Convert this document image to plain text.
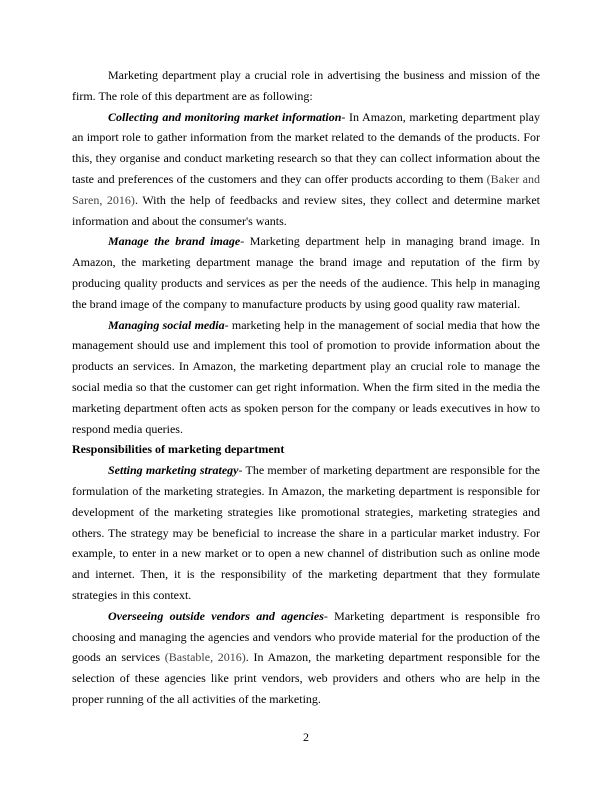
Marketing department play a crucial role in advertising the business and mission of the firm. The role of this department are as following:

Collecting and monitoring market information- In Amazon, marketing department play an import role to gather information from the market related to the demands of the products. For this, they organise and conduct marketing research so that they can collect information about the taste and preferences of the customers and they can offer products according to them (Baker and Saren, 2016). With the help of feedbacks and review sites, they collect and determine market information and about the consumer's wants.

Manage the brand image- Marketing department help in managing brand image. In Amazon, the marketing department manage the brand image and reputation of the firm by producing quality products and services as per the needs of the audience. This help in managing the brand image of the company to manufacture products by using good quality raw material.

Managing social media- marketing help in the management of social media that how the management should use and implement this tool of promotion to provide information about the products an services. In Amazon, the marketing department play an crucial role to manage the social media so that the customer can get right information. When the firm sited in the media the marketing department often acts as spoken person for the company or leads executives in how to respond media queries.

Responsibilities of marketing department

Setting marketing strategy- The member of marketing department are responsible for the formulation of the marketing strategies. In Amazon, the marketing department is responsible for development of the marketing strategies like promotional strategies, marketing strategies and others. The strategy may be beneficial to increase the share in a particular market industry. For example, to enter in a new market or to open a new channel of distribution such as online mode and internet. Then, it is the responsibility of the marketing department that they formulate strategies in this context.

Overseeing outside vendors and agencies- Marketing department is responsible fro choosing and managing the agencies and vendors who provide material for the production of the goods an services (Bastable, 2016). In Amazon, the marketing department responsible for the selection of these agencies like print vendors, web providers and others who are help in the proper running of the all activities of the marketing.

2
